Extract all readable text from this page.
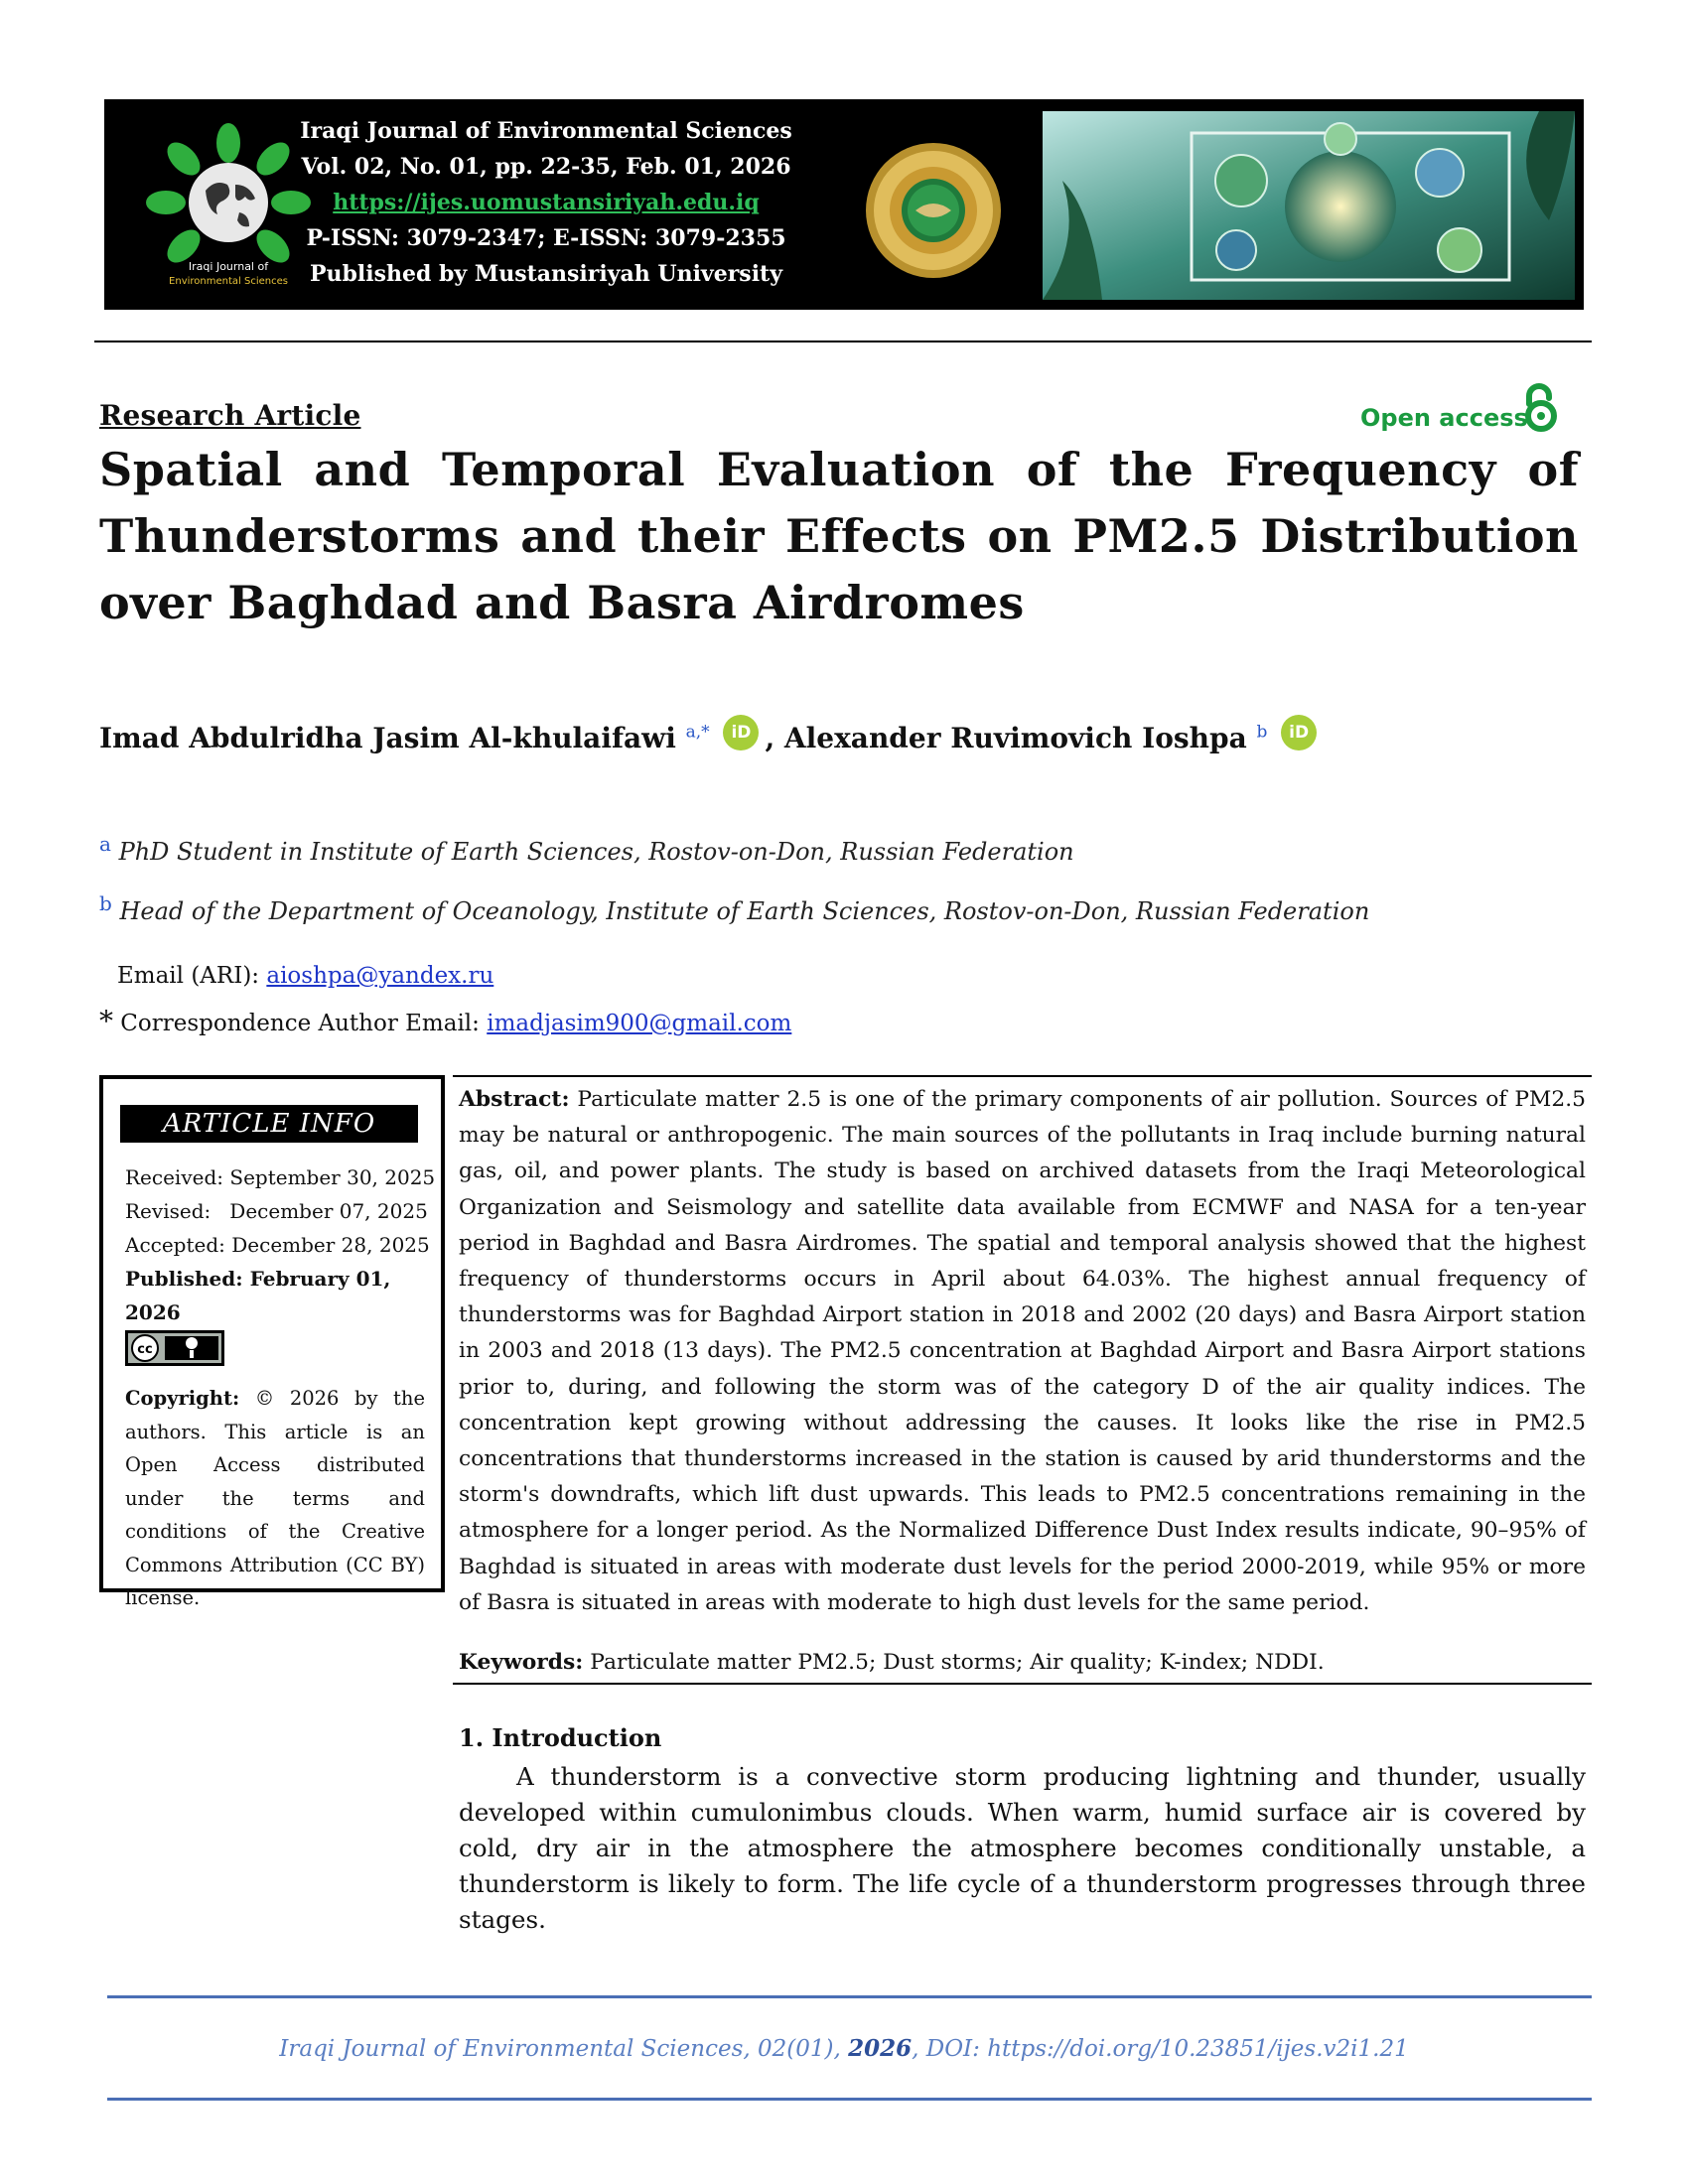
Iraqi Journal of
Environmental Sciences
Iraqi Journal of Environmental Sciences
Vol. 02, No. 01, pp. 22-35, Feb. 01, 2026
https://ijes.uomustansiriyah.edu.iq
P-ISSN: 3079-2347; E-ISSN: 3079-2355
Published by Mustansiriyah University
Research Article	Open access
Spatial and Temporal Evaluation of the Frequency of Thunderstorms and their Effects on PM2.5 Distribution over Baghdad and Basra Airdromes
Imad Abdulridha Jasim Al-khulaifawi $^{a,*}$ iD , Alexander Ruvimovich Ioshpa $^b$ iD
$^a$ PhD Student in Institute of Earth Sciences, Rostov-on-Don, Russian Federation
$^b$ Head of the Department of Oceanology, Institute of Earth Sciences, Rostov-on-Don, Russian Federation
Email (ARI): aioshpa@yandex.ru
* Correspondence Author Email: imadjasim900@gmail.com
ARTICLE INFO
Received: September 30, 2025
Revised:   December 07, 2025
Accepted: December 28, 2025
Published: February 01, 2026
cc
Copyright: © 2026 by the authors. This article is an Open Access distributed under the terms and conditions of the Creative Commons Attribution (CC BY) license.
Abstract: Particulate matter 2.5 is one of the primary components of air pollution. Sources of PM2.5 may be natural or anthropogenic. The main sources of the pollutants in Iraq include burning natural gas, oil, and power plants. The study is based on archived datasets from the Iraqi Meteorological Organization and Seismology and satellite data available from ECMWF and NASA for a ten-year period in Baghdad and Basra Airdromes. The spatial and temporal analysis showed that the highest frequency of thunderstorms occurs in April about 64.03%. The highest annual frequency of thunderstorms was for Baghdad Airport station in 2018 and 2002 (20 days) and Basra Airport station in 2003 and 2018 (13 days). The PM2.5 concentration at Baghdad Airport and Basra Airport stations prior to, during, and following the storm was of the category D of the air quality indices. The concentration kept growing without addressing the causes. It looks like the rise in PM2.5 concentrations that thunderstorms increased in the station is caused by arid thunderstorms and the storm's downdrafts, which lift dust upwards. This leads to PM2.5 concentrations remaining in the atmosphere for a longer period. As the Normalized Difference Dust Index results indicate, 90–95% of Baghdad is situated in areas with moderate dust levels for the period 2000-2019, while 95% or more of Basra is situated in areas with moderate to high dust levels for the same period.
Keywords: Particulate matter PM2.5; Dust storms; Air quality; K-index; NDDI.
1. Introduction
A thunderstorm is a convective storm producing lightning and thunder, usually developed within cumulonimbus clouds. When warm, humid surface air is covered by cold, dry air in the atmosphere the atmosphere becomes conditionally unstable, a thunderstorm is likely to form. The life cycle of a thunderstorm progresses through three stages.
Iraqi Journal of Environmental Sciences, 02(01), 2026, DOI: https://doi.org/10.23851/ijes.v2i1.21
